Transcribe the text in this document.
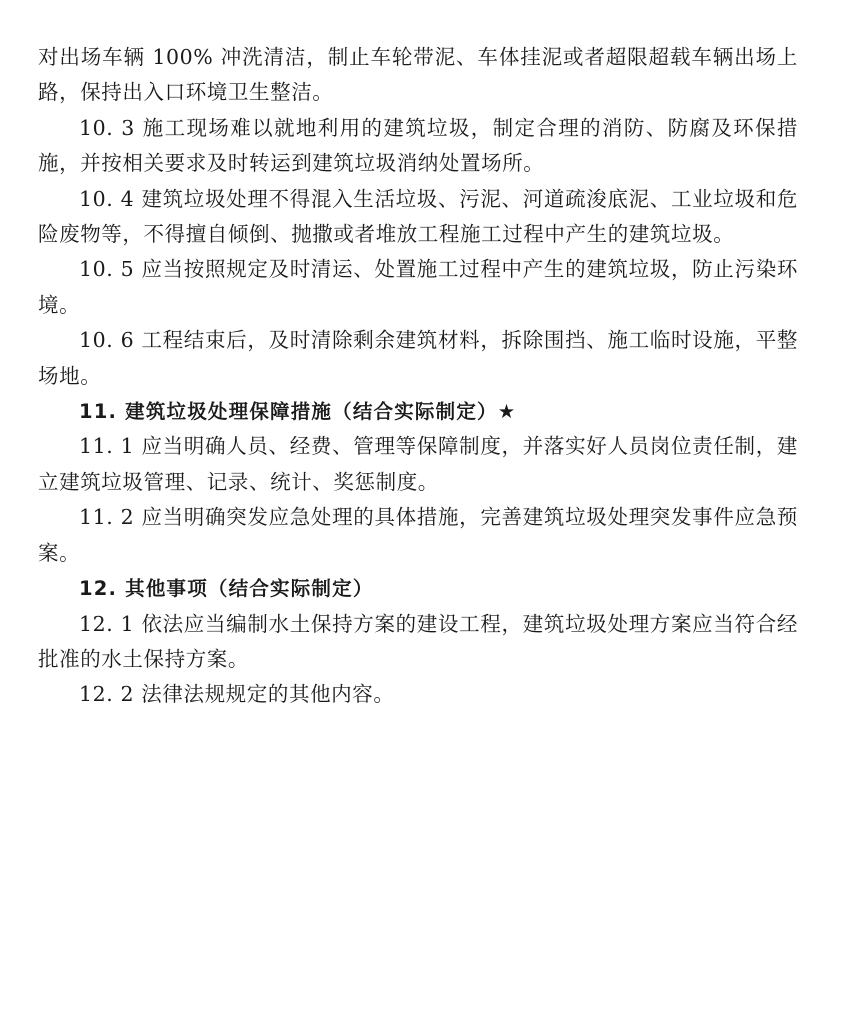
对出场车辆 100% 冲洗清洁，制止车轮带泥、车体挂泥或者超限超载车辆出场上路，保持出入口环境卫生整洁。

10. 3 施工现场难以就地利用的建筑垃圾，制定合理的消防、防腐及环保措施，并按相关要求及时转运到建筑垃圾消纳处置场所。

10. 4 建筑垃圾处理不得混入生活垃圾、污泥、河道疏浚底泥、工业垃圾和危险废物等，不得擅自倾倒、抛撒或者堆放工程施工过程中产生的建筑垃圾。

10. 5 应当按照规定及时清运、处置施工过程中产生的建筑垃圾，防止污染环境。

10. 6 工程结束后，及时清除剩余建筑材料，拆除围挡、施工临时设施，平整场地。

11. 建筑垃圾处理保障措施（结合实际制定）★

11. 1 应当明确人员、经费、管理等保障制度，并落实好人员岗位责任制，建立建筑垃圾管理、记录、统计、奖惩制度。

11. 2 应当明确突发应急处理的具体措施，完善建筑垃圾处理突发事件应急预案。

12. 其他事项（结合实际制定）

12. 1 依法应当编制水土保持方案的建设工程，建筑垃圾处理方案应当符合经批准的水土保持方案。

12. 2 法律法规规定的其他内容。
